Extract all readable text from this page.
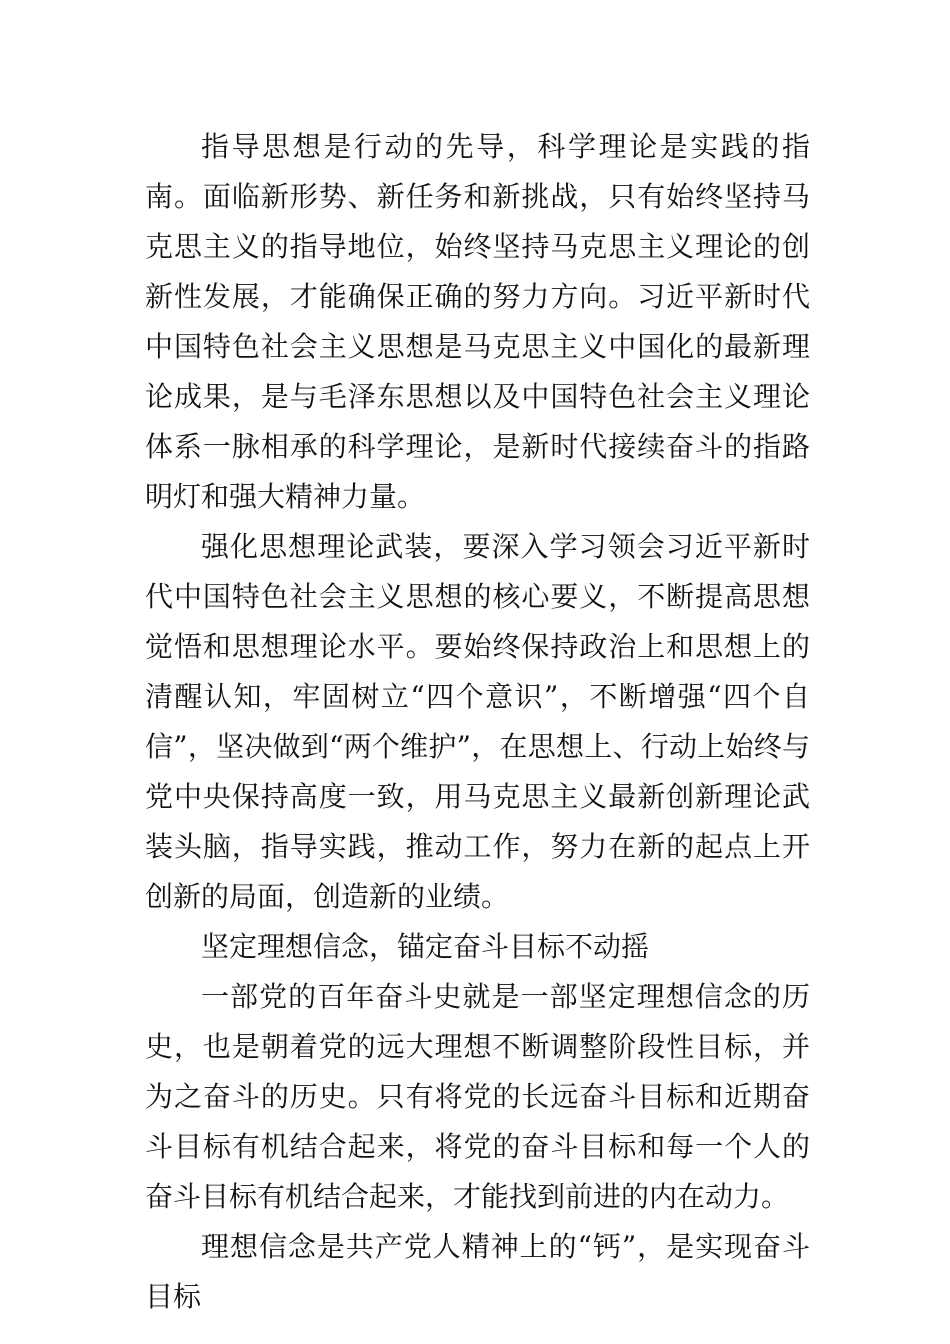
指导思想是行动的先导，科学理论是实践的指南。面临新形势、新任务和新挑战，只有始终坚持马克思主义的指导地位，始终坚持马克思主义理论的创新性发展，才能确保正确的努力方向。习近平新时代中国特色社会主义思想是马克思主义中国化的最新理论成果，是与毛泽东思想以及中国特色社会主义理论体系一脉相承的科学理论，是新时代接续奋斗的指路明灯和强大精神力量。

强化思想理论武装，要深入学习领会习近平新时代中国特色社会主义思想的核心要义，不断提高思想觉悟和思想理论水平。要始终保持政治上和思想上的清醒认知，牢固树立“四个意识”，不断增强“四个自信”，坚决做到“两个维护”，在思想上、行动上始终与党中央保持高度一致，用马克思主义最新创新理论武装头脑，指导实践，推动工作，努力在新的起点上开创新的局面，创造新的业绩。

坚定理想信念，锚定奋斗目标不动摇

一部党的百年奋斗史就是一部坚定理想信念的历史，也是朝着党的远大理想不断调整阶段性目标，并为之奋斗的历史。只有将党的长远奋斗目标和近期奋斗目标有机结合起来，将党的奋斗目标和每一个人的奋斗目标有机结合起来，才能找到前进的内在动力。

理想信念是共产党人精神上的“钙”，是实现奋斗目标
